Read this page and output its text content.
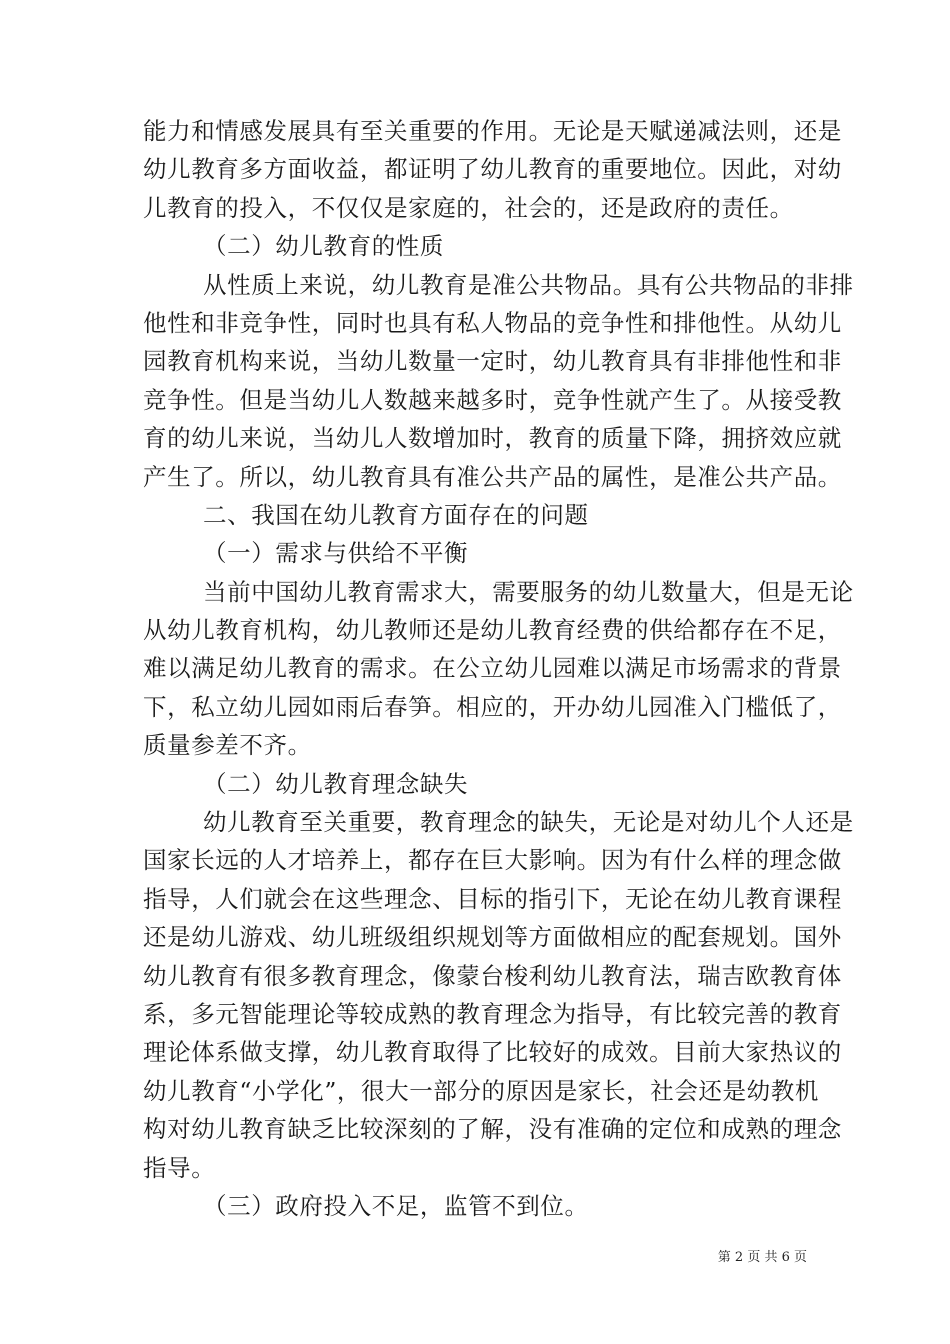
能力和情感发展具有至关重要的作用。无论是天赋递减法则，还是
幼儿教育多方面收益，都证明了幼儿教育的重要地位。因此，对幼
儿教育的投入，不仅仅是家庭的，社会的，还是政府的责任。
（二）幼儿教育的性质
从性质上来说，幼儿教育是准公共物品。具有公共物品的非排
他性和非竞争性，同时也具有私人物品的竞争性和排他性。从幼儿
园教育机构来说，当幼儿数量一定时，幼儿教育具有非排他性和非
竞争性。但是当幼儿人数越来越多时，竞争性就产生了。从接受教
育的幼儿来说，当幼儿人数增加时，教育的质量下降，拥挤效应就
产生了。所以，幼儿教育具有准公共产品的属性，是准公共产品。
二、我国在幼儿教育方面存在的问题
（一）需求与供给不平衡
当前中国幼儿教育需求大，需要服务的幼儿数量大，但是无论
从幼儿教育机构，幼儿教师还是幼儿教育经费的供给都存在不足，
难以满足幼儿教育的需求。在公立幼儿园难以满足市场需求的背景
下，私立幼儿园如雨后春笋。相应的，开办幼儿园准入门槛低了，
质量参差不齐。
（二）幼儿教育理念缺失
幼儿教育至关重要，教育理念的缺失，无论是对幼儿个人还是
国家长远的人才培养上，都存在巨大影响。因为有什么样的理念做
指导，人们就会在这些理念、目标的指引下，无论在幼儿教育课程
还是幼儿游戏、幼儿班级组织规划等方面做相应的配套规划。国外
幼儿教育有很多教育理念，像蒙台梭利幼儿教育法，瑞吉欧教育体
系，多元智能理论等较成熟的教育理念为指导，有比较完善的教育
理论体系做支撑，幼儿教育取得了比较好的成效。目前大家热议的
幼儿教育“小学化”，很大一部分的原因是家长，社会还是幼教机
构对幼儿教育缺乏比较深刻的了解，没有准确的定位和成熟的理念
指导。
（三）政府投入不足，监管不到位。
第 2 页 共 6 页
